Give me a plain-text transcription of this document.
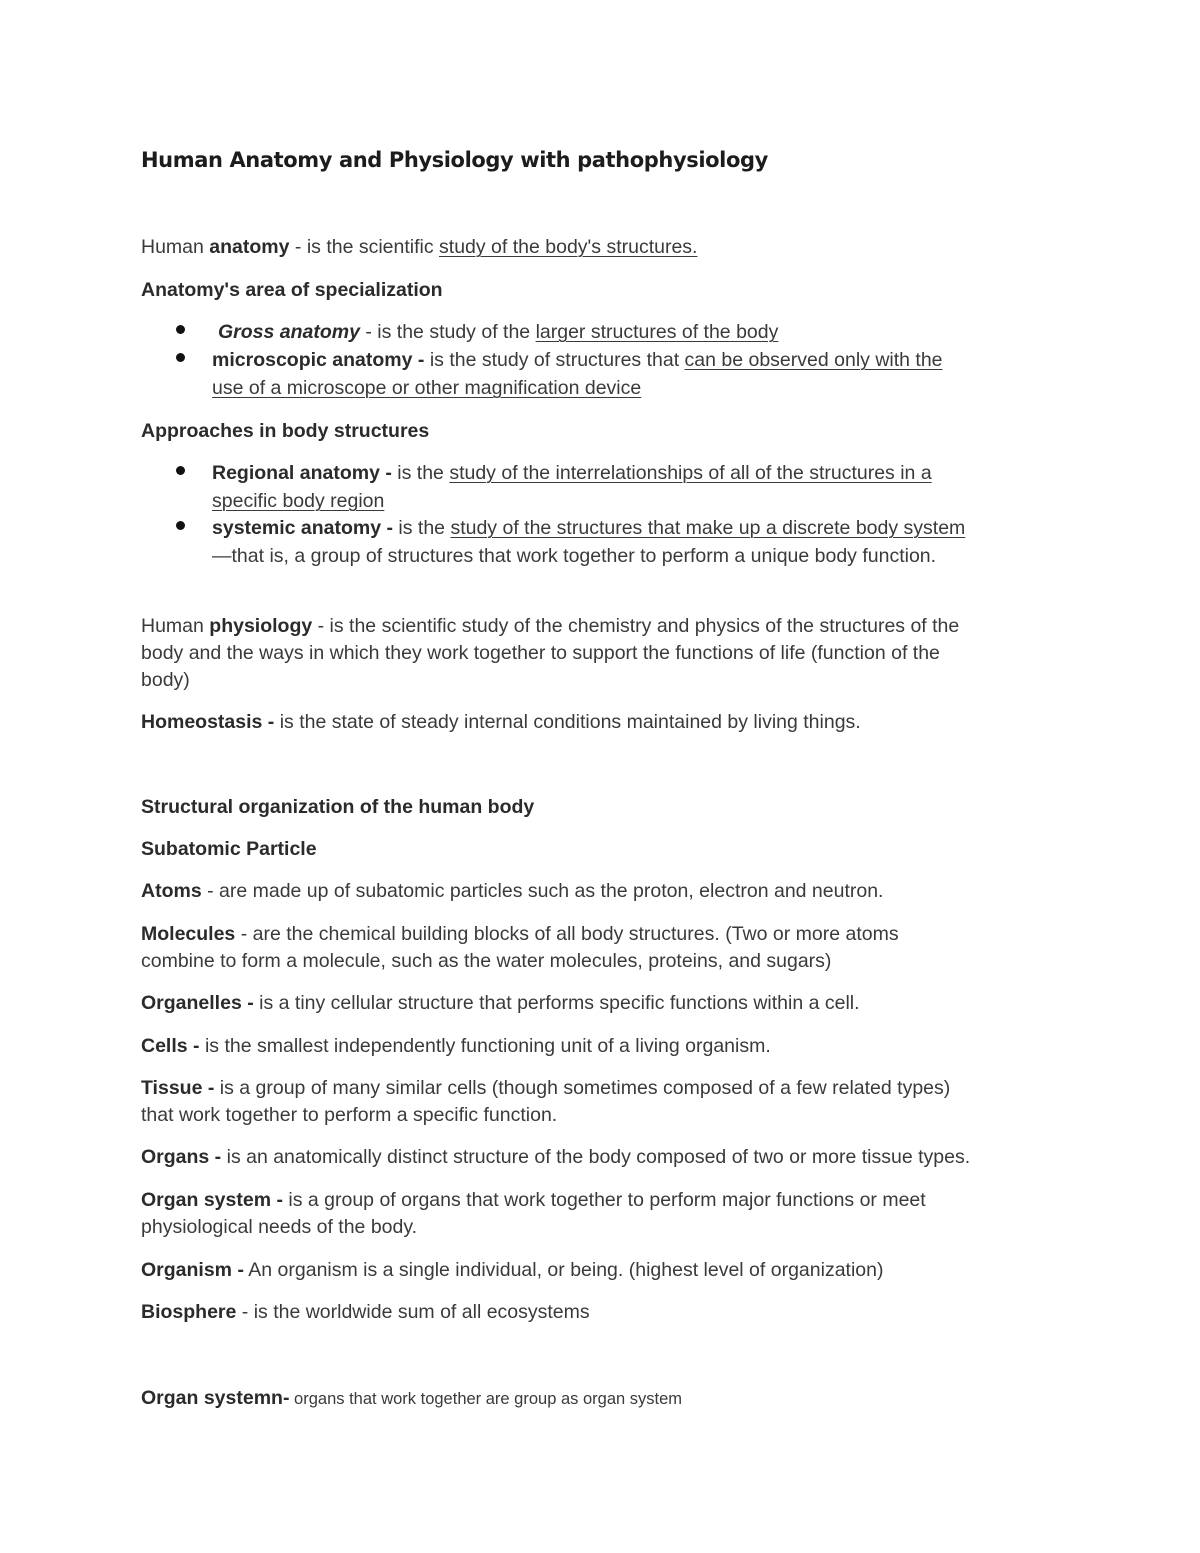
Human Anatomy and Physiology with pathophysiology

Human anatomy - is the scientific study of the body's structures.

Anatomy's area of specialization

Gross anatomy - is the study of the larger structures of the body

microscopic anatomy - is the study of structures that can be observed only with the

use of a microscope or other magnification device

Approaches in body structures

Regional anatomy - is the study of the interrelationships of all of the structures in a

specific body region

systemic anatomy - is the study of the structures that make up a discrete body system

—that is, a group of structures that work together to perform a unique body function.

Human physiology - is the scientific study of the chemistry and physics of the structures of the

body and the ways in which they work together to support the functions of life (function of the

body)

Homeostasis - is the state of steady internal conditions maintained by living things.

Structural organization of the human body

Subatomic Particle

Atoms - are made up of subatomic particles such as the proton, electron and neutron.

Molecules - are the chemical building blocks of all body structures. (Two or more atoms

combine to form a molecule, such as the water molecules, proteins, and sugars)

Organelles - is a tiny cellular structure that performs specific functions within a cell.

Cells - is the smallest independently functioning unit of a living organism.

Tissue - is a group of many similar cells (though sometimes composed of a few related types)

that work together to perform a specific function.

Organs - is an anatomically distinct structure of the body composed of two or more tissue types.

Organ system - is a group of organs that work together to perform major functions or meet

physiological needs of the body.

Organism - An organism is a single individual, or being. (highest level of organization)

Biosphere - is the worldwide sum of all ecosystems

Organ systemn- organs that work together are group as organ system
